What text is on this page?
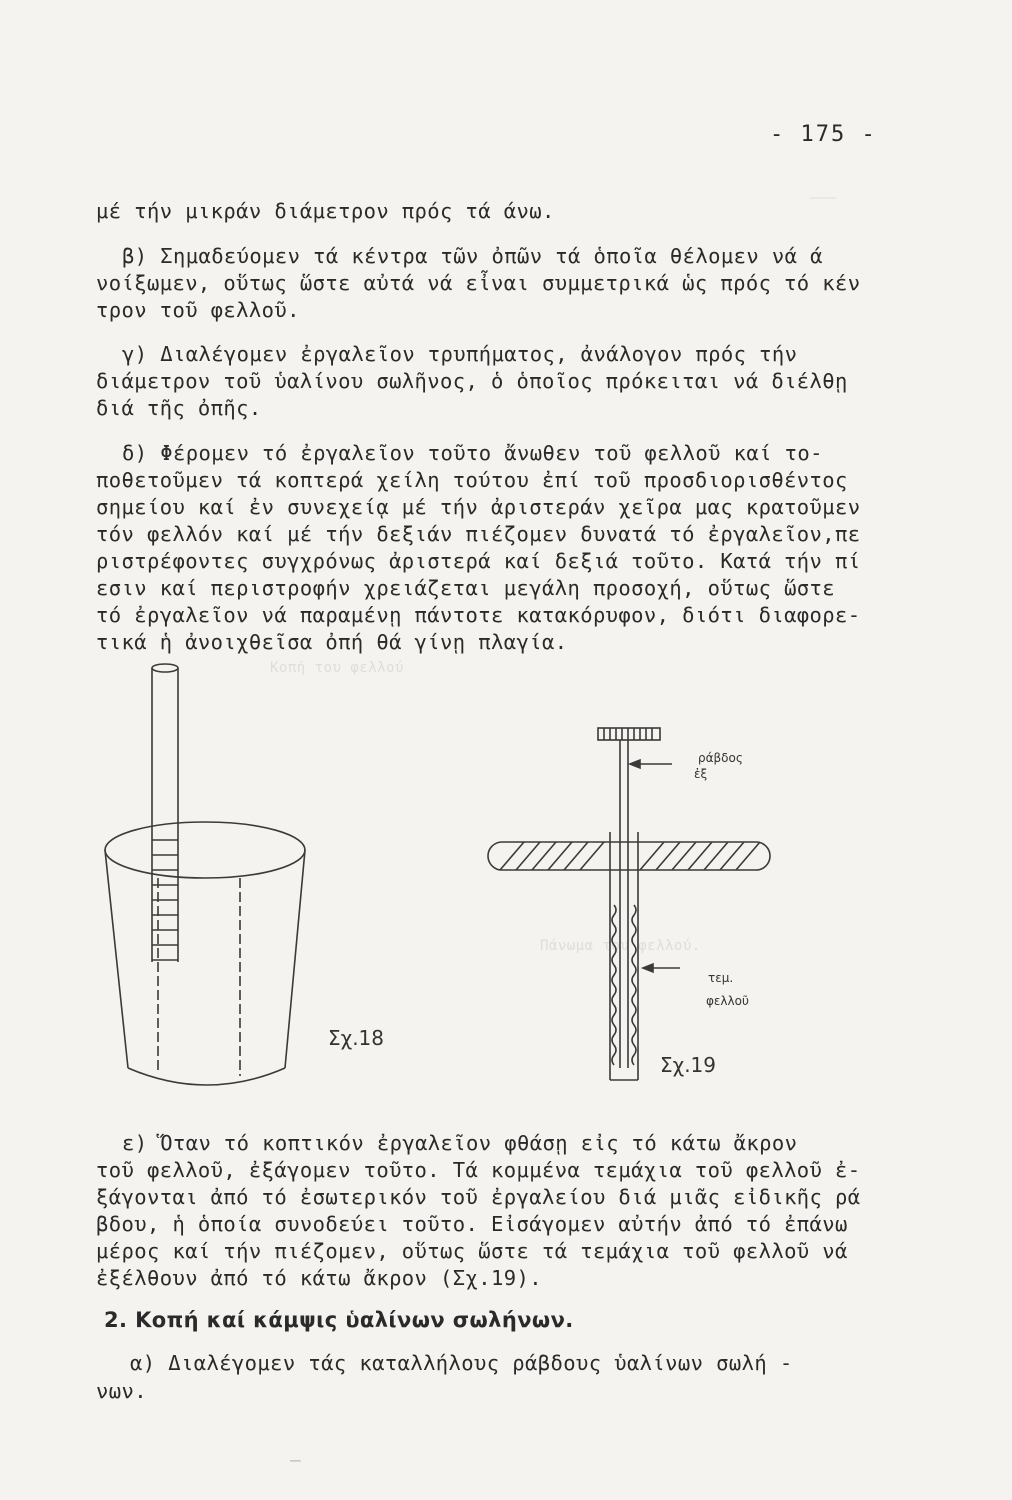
———
Κοπή του φελλού
Πάνωμα του φελλού.
- 175 -
μέ τήν μικράν διάμετρον πρός τά άνω.
β) Σημαδεύομεν τά κέντρα τῶν ὀπῶν τά ὁποῖα θέλομεν νά ά
νοίξωμεν, οὕτως ὥστε αὐτά νά εἶναι συμμετρικά ὡς πρός τό κέν
τρον τοῦ φελλοῦ.
γ) Διαλέγομεν ἐργαλεῖον τρυπήματος, ἀνάλογον πρός τήν
διάμετρον τοῦ ὑαλίνου σωλῆνος, ὁ ὁποῖος πρόκειται νά διέλθῃ
διά τῆς ὀπῆς.
δ) Φέρομεν τό ἐργαλεῖον τοῦτο ἄνωθεν τοῦ φελλοῦ καί το-
ποθετοῦμεν τά κοπτερά χείλη τούτου ἐπί τοῦ προσδιορισθέντος
σημείου καί ἐν συνεχείᾳ μέ τήν ἀριστεράν χεῖρα μας κρατοῦμεν
τόν φελλόν καί μέ τήν δεξιάν πιέζομεν δυνατά τό ἐργαλεῖον,πε
ριστρέφοντες συγχρόνως ἀριστερά καί δεξιά τοῦτο. Κατά τήν πί
εσιν καί περιστροφήν χρειάζεται μεγάλη προσοχή, οὕτως ὥστε
τό ἐργαλεῖον νά παραμένῃ πάντοτε κατακόρυφον, διότι διαφορε-
τικά ἡ ἀνοιχθεῖσα ὀπή θά γίνῃ πλαγία.
Σχ.18
ράβδος
ἐξ
τεμ.
φελλοῦ
Σχ.19
ε) Ὅταν τό κοπτικόν ἐργαλεῖον φθάσῃ εἰς τό κάτω ἄκρον
τοῦ φελλοῦ, ἐξάγομεν τοῦτο. Τά κομμένα τεμάχια τοῦ φελλοῦ ἐ-
ξάγονται ἀπό τό ἐσωτερικόν τοῦ ἐργαλείου διά μιᾶς εἰδικῆς ρά
βδου, ἡ ὁποία συνοδεύει τοῦτο. Εἰσάγομεν αὐτήν ἀπό τό ἐπάνω
μέρος καί τήν πιέζομεν, οὕτως ὥστε τά τεμάχια τοῦ φελλοῦ νά
ἐξέλθουν ἀπό τό κάτω ἄκρον (Σχ.19).
2. Κοπή καί κάμψις ὑαλίνων σωλήνων.
α) Διαλέγομεν τάς καταλλήλους ράβδους ὑαλίνων σωλή -
νων.
—
